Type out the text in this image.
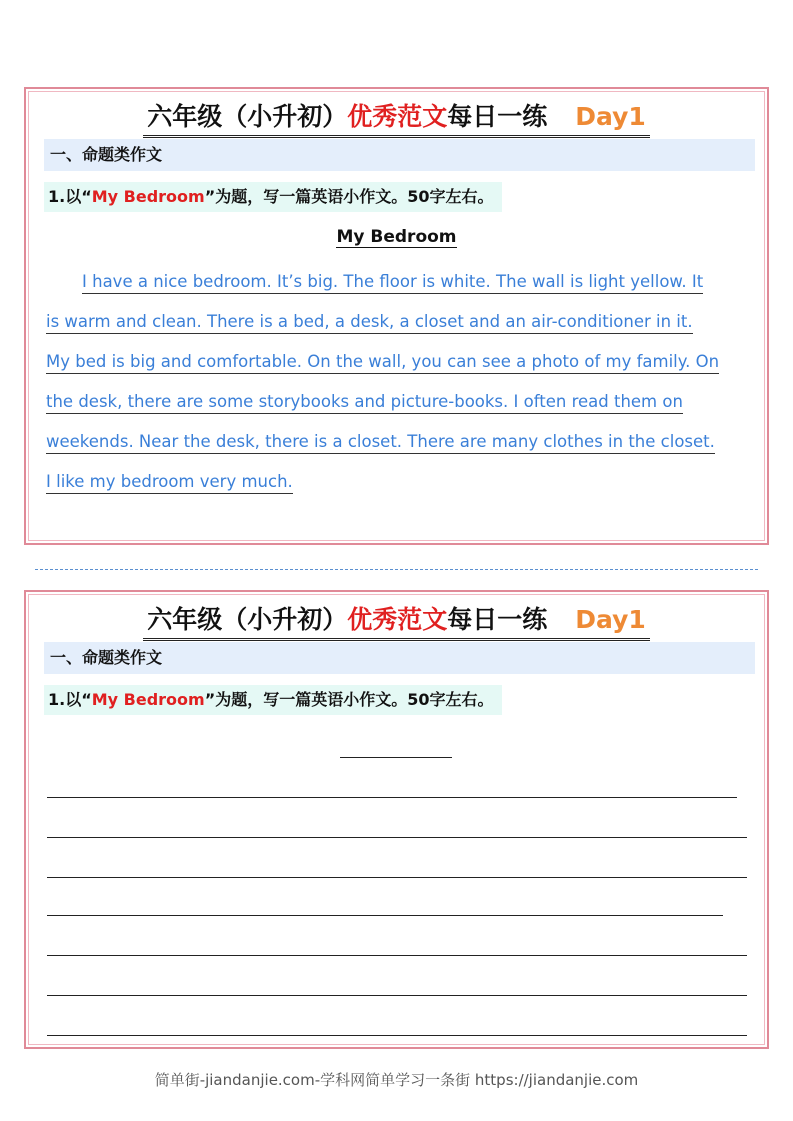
六年级（小升初）优秀范文每日一练 Day1
一、命题类作文
1.以“My Bedroom”为题，写一篇英语小作文。50字左右。
My Bedroom
I have a nice bedroom. It’s big. The floor is white. The wall is light yellow. It
is warm and clean. There is a bed, a desk, a closet and an air-conditioner in it.
My bed is big and comfortable. On the wall, you can see a photo of my family. On
the desk, there are some storybooks and picture-books. I often read them on
weekends. Near the desk, there is a closet. There are many clothes in the closet.
I like my bedroom very much.
六年级（小升初）优秀范文每日一练 Day1
一、命题类作文
1.以“My Bedroom”为题，写一篇英语小作文。50字左右。
简单街-jiandanjie.com-学科网简单学习一条街 https://jiandanjie.com
